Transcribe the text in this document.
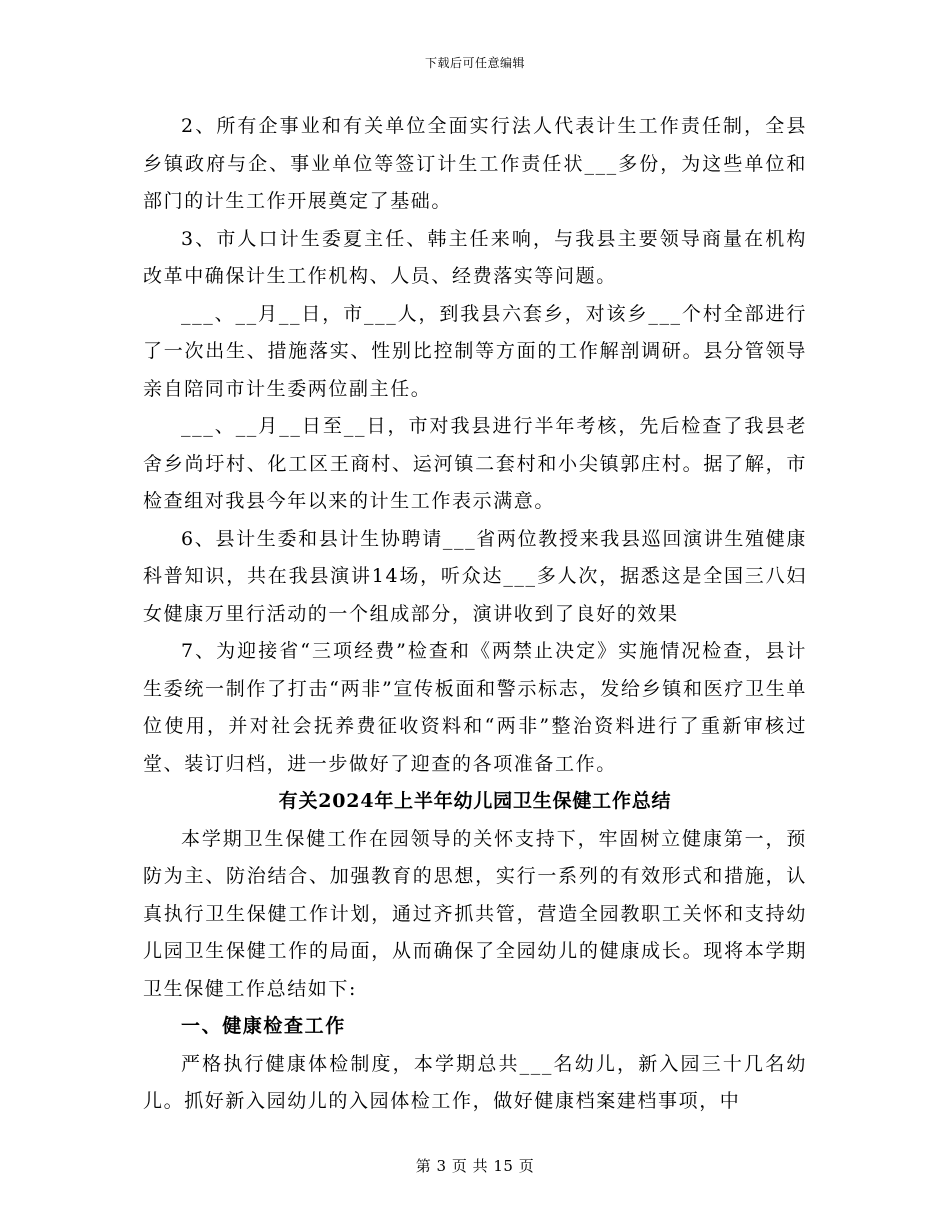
下载后可任意编辑

2、所有企事业和有关单位全面实行法人代表计生工作责任制，全县乡镇政府与企、事业单位等签订计生工作责任状___多份，为这些单位和部门的计生工作开展奠定了基础。

3、市人口计生委夏主任、韩主任来响，与我县主要领导商量在机构改革中确保计生工作机构、人员、经费落实等问题。

___、__月__日，市___人，到我县六套乡，对该乡___个村全部进行了一次出生、措施落实、性别比控制等方面的工作解剖调研。县分管领导亲自陪同市计生委两位副主任。

___、__月__日至__日，市对我县进行半年考核，先后检查了我县老舍乡尚圩村、化工区王商村、运河镇二套村和小尖镇郭庄村。据了解，市检查组对我县今年以来的计生工作表示满意。

6、县计生委和县计生协聘请___省两位教授来我县巡回演讲生殖健康科普知识，共在我县演讲14场，听众达___多人次，据悉这是全国三八妇女健康万里行活动的一个组成部分，演讲收到了良好的效果

7、为迎接省“三项经费”检查和《两禁止决定》实施情况检查，县计生委统一制作了打击“两非”宣传板面和警示标志，发给乡镇和医疗卫生单位使用，并对社会抚养费征收资料和“两非”整治资料进行了重新审核过堂、装订归档，进一步做好了迎查的各项准备工作。

有关2024年上半年幼儿园卫生保健工作总结

本学期卫生保健工作在园领导的关怀支持下，牢固树立健康第一，预防为主、防治结合、加强教育的思想，实行一系列的有效形式和措施，认真执行卫生保健工作计划，通过齐抓共管，营造全园教职工关怀和支持幼儿园卫生保健工作的局面，从而确保了全园幼儿的健康成长。现将本学期卫生保健工作总结如下:

一、健康检查工作

严格执行健康体检制度，本学期总共___名幼儿，新入园三十几名幼儿。抓好新入园幼儿的入园体检工作，做好健康档案建档事项，中

第 3 页 共 15 页
